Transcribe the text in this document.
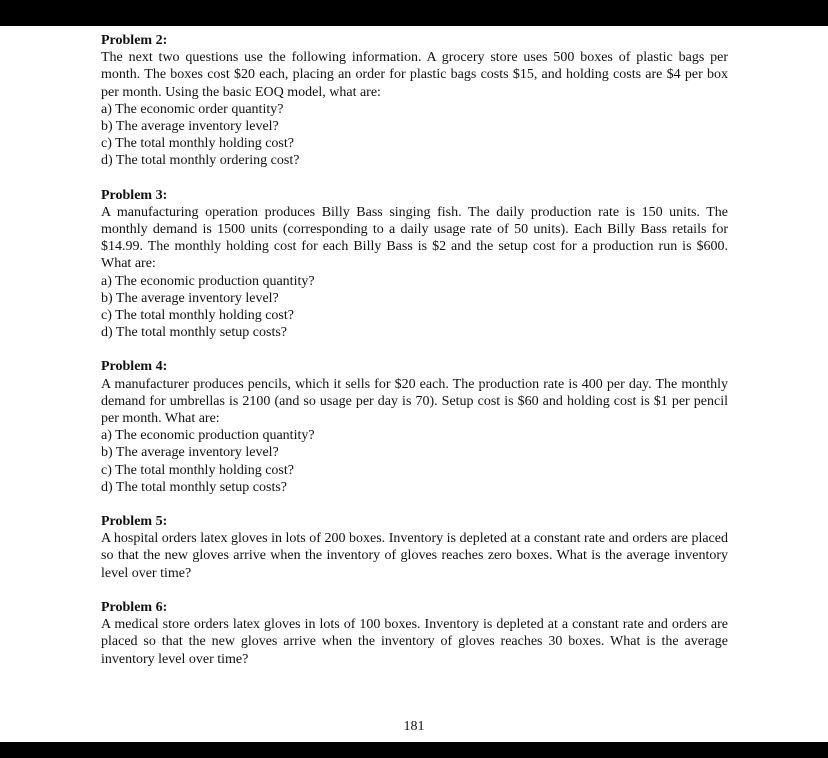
Problem 2:

The next two questions use the following information. A grocery store uses 500 boxes of plastic bags per month. The boxes cost $20 each, placing an order for plastic bags costs $15, and holding costs are $4 per box per month. Using the basic EOQ model, what are:

a) The economic order quantity?

b) The average inventory level?

c) The total monthly holding cost?

d) The total monthly ordering cost?

Problem 3:

A manufacturing operation produces Billy Bass singing fish. The daily production rate is 150 units. The monthly demand is 1500 units (corresponding to a daily usage rate of 50 units). Each Billy Bass retails for $14.99. The monthly holding cost for each Billy Bass is $2 and the setup cost for a production run is $600. What are:

a) The economic production quantity?

b) The average inventory level?

c) The total monthly holding cost?

d) The total monthly setup costs?

Problem 4:

A manufacturer produces pencils, which it sells for $20 each. The production rate is 400 per day. The monthly demand for umbrellas is 2100 (and so usage per day is 70). Setup cost is $60 and holding cost is $1 per pencil per month. What are:

a) The economic production quantity?

b) The average inventory level?

c) The total monthly holding cost?

d) The total monthly setup costs?

Problem 5:

A hospital orders latex gloves in lots of 200 boxes. Inventory is depleted at a constant rate and orders are placed so that the new gloves arrive when the inventory of gloves reaches zero boxes. What is the average inventory level over time?

Problem 6:

A medical store orders latex gloves in lots of 100 boxes. Inventory is depleted at a constant rate and orders are placed so that the new gloves arrive when the inventory of gloves reaches 30 boxes. What is the average inventory level over time?

181
